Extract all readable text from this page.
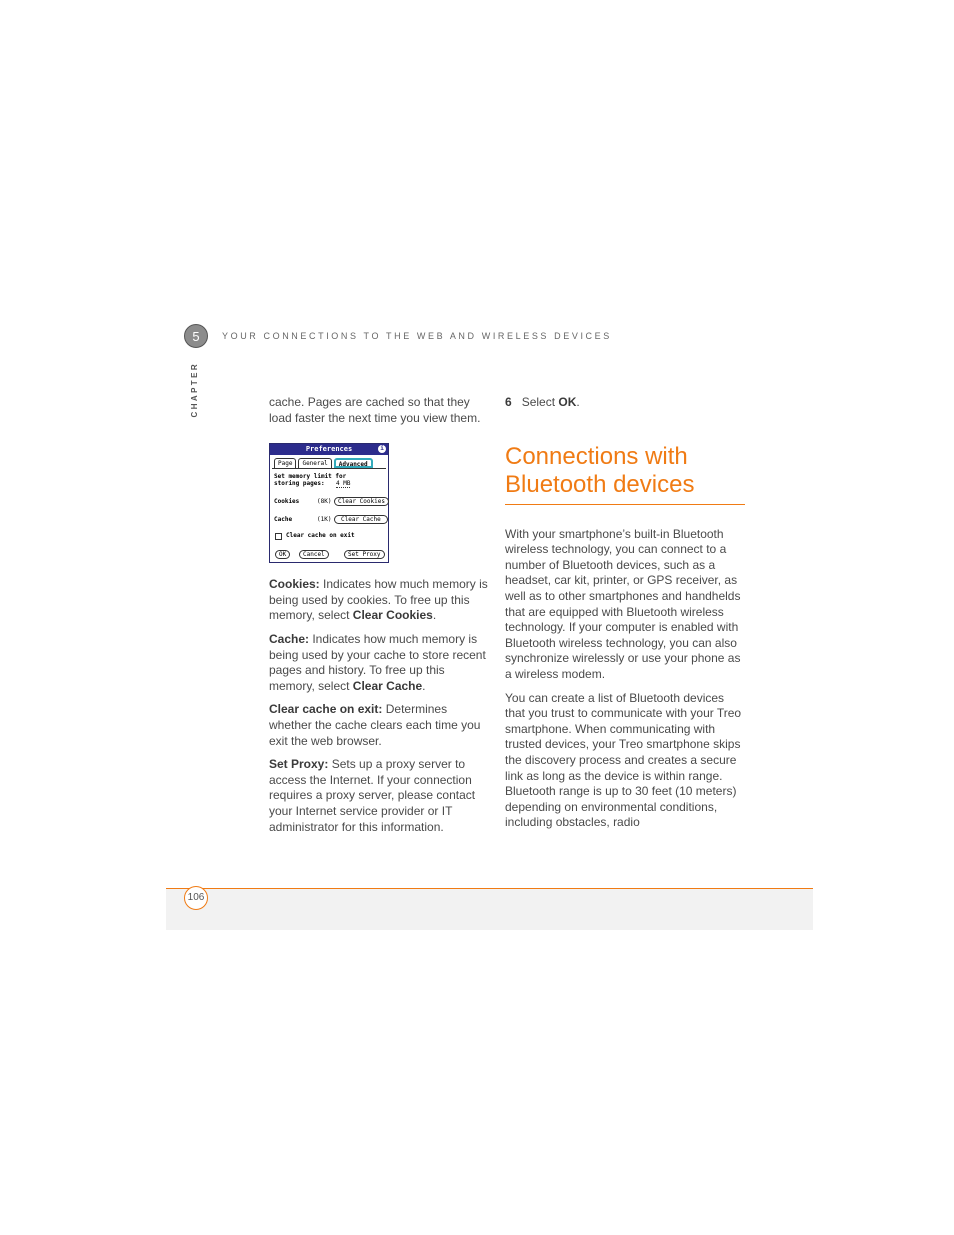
5
CHAPTER
YOUR CONNECTIONS TO THE WEB AND WIRELESS DEVICES

cache. Pages are cached so that they load faster the next time you view them.

Preferences	i
Page	General	Advanced
Set memory limit for
storing pages: 4 MB
Cookies	(8K)	Clear Cookies
Cache	(1K)	Clear Cache
Clear cache on exit
OK	Cancel	Set Proxy

Cookies: Indicates how much memory is being used by cookies. To free up this memory, select Clear Cookies.

Cache: Indicates how much memory is being used by your cache to store recent pages and history. To free up this memory, select Clear Cache.

Clear cache on exit: Determines whether the cache clears each time you exit the web browser.

Set Proxy: Sets up a proxy server to access the Internet. If your connection requires a proxy server, please contact your Internet service provider or IT administrator for this information.

6 Select OK.

Connections with Bluetooth devices

With your smartphone’s built-in Bluetooth wireless technology, you can connect to a number of Bluetooth devices, such as a headset, car kit, printer, or GPS receiver, as well as to other smartphones and handhelds that are equipped with Bluetooth wireless technology. If your computer is enabled with Bluetooth wireless technology, you can also synchronize wirelessly or use your phone as a wireless modem.

You can create a list of Bluetooth devices that you trust to communicate with your Treo smartphone. When communicating with trusted devices, your Treo smartphone skips the discovery process and creates a secure link as long as the device is within range. Bluetooth range is up to 30 feet (10 meters) depending on environmental conditions, including obstacles, radio

106
